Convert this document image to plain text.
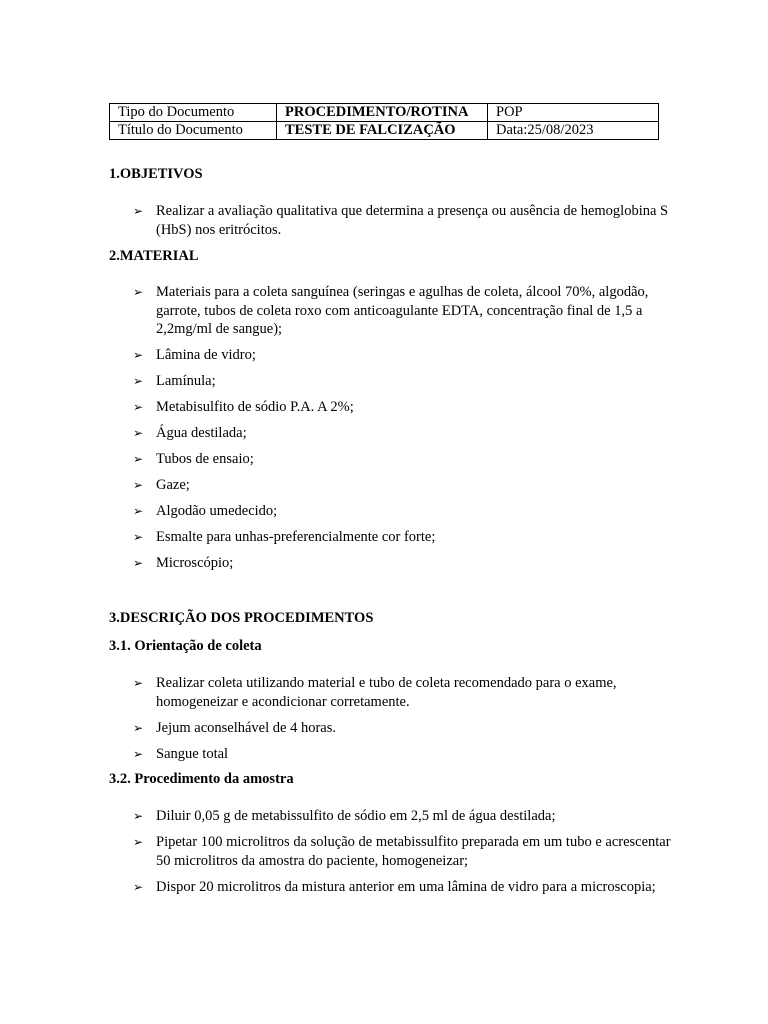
Tipo do Documento	PROCEDIMENTO/ROTINA	POP
Título do Documento	TESTE DE FALCIZAÇÃO	Data:25/08/2023
1.OBJETIVOS
➢ Realizar a avaliação qualitativa que determina a presença ou ausência de hemoglobina S (HbS) nos eritrócitos.
2.MATERIAL
➢ Materiais para a coleta sanguínea (seringas e agulhas de coleta, álcool 70%, algodão, garrote, tubos de coleta roxo com anticoagulante EDTA, concentração final de 1,5 a 2,2mg/ml de sangue);
➢ Lâmina de vidro;
➢ Lamínula;
➢ Metabisulfito de sódio P.A. A 2%;
➢ Água destilada;
➢ Tubos de ensaio;
➢ Gaze;
➢ Algodão umedecido;
➢ Esmalte para unhas-preferencialmente cor forte;
➢ Microscópio;
3.DESCRIÇÃO DOS PROCEDIMENTOS
3.1. Orientação de coleta
➢ Realizar coleta utilizando material e tubo de coleta recomendado para o exame, homogeneizar e acondicionar corretamente.
➢ Jejum aconselhável de 4 horas.
➢ Sangue total
3.2. Procedimento da amostra
➢ Diluir 0,05 g de metabissulfito de sódio em 2,5 ml de água destilada;
➢ Pipetar 100 microlitros da solução de metabissulfito preparada em um tubo e acrescentar 50 microlitros da amostra do paciente, homogeneizar;
➢ Dispor 20 microlitros da mistura anterior em uma lâmina de vidro para a microscopia;
